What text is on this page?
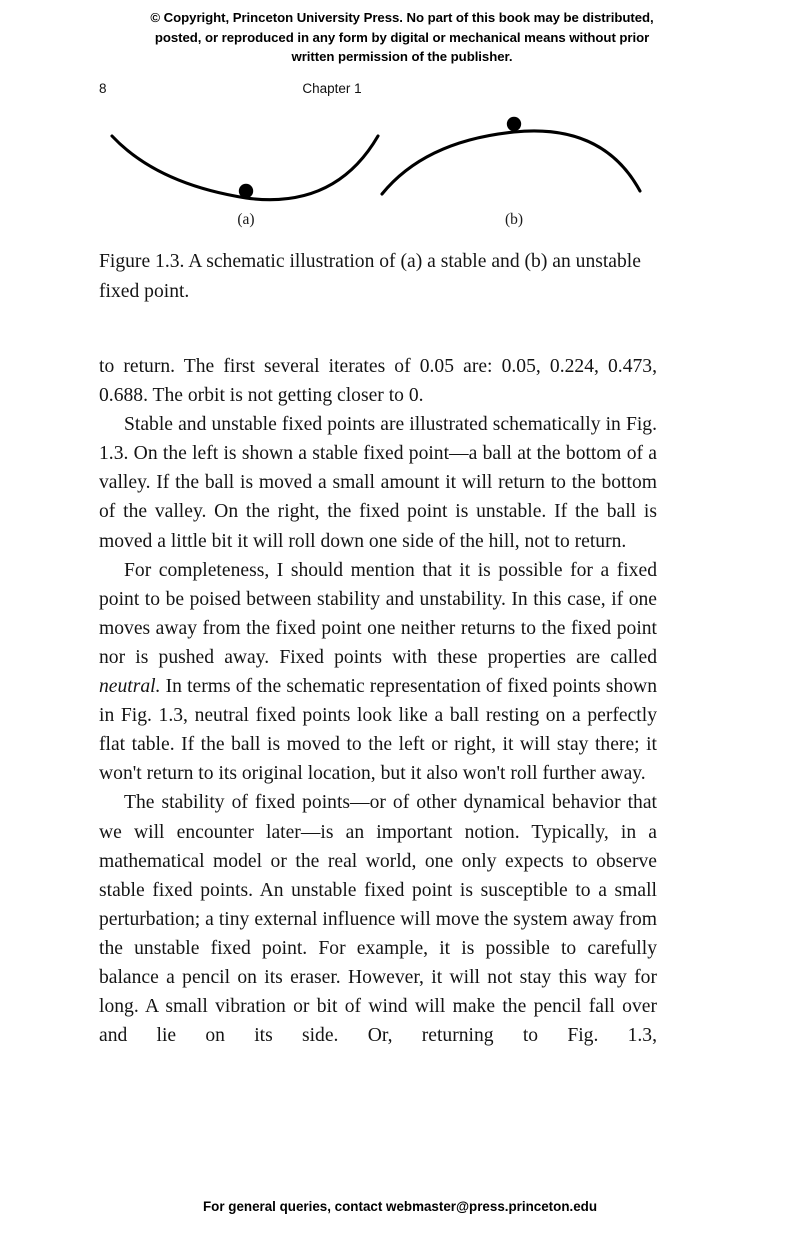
© Copyright, Princeton University Press. No part of this book may be distributed, posted, or reproduced in any form by digital or mechanical means without prior written permission of the publisher.
8	Chapter 1
(a)	(b)
Figure 1.3. A schematic illustration of (a) a stable and (b) an unstable fixed point.

to return. The first several iterates of 0.05 are: 0.05, 0.224, 0.473, 0.688. The orbit is not getting closer to 0.

Stable and unstable fixed points are illustrated schematically in Fig. 1.3. On the left is shown a stable fixed point—a ball at the bottom of a valley. If the ball is moved a small amount it will return to the bottom of the valley. On the right, the fixed point is unstable. If the ball is moved a little bit it will roll down one side of the hill, not to return.

For completeness, I should mention that it is possible for a fixed point to be poised between stability and unstability. In this case, if one moves away from the fixed point one neither returns to the fixed point nor is pushed away. Fixed points with these properties are called neutral. In terms of the schematic representation of fixed points shown in Fig. 1.3, neutral fixed points look like a ball resting on a perfectly flat table. If the ball is moved to the left or right, it will stay there; it won't return to its original location, but it also won't roll further away.

The stability of fixed points—or of other dynamical behavior that we will encounter later—is an important notion. Typically, in a mathematical model or the real world, one only expects to observe stable fixed points. An unstable fixed point is susceptible to a small perturbation; a tiny external influence will move the system away from the unstable fixed point. For example, it is possible to carefully balance a pencil on its eraser. However, it will not stay this way for long. A small vibration or bit of wind will make the pencil fall over and lie on its side. Or, returning to Fig. 1.3,

For general queries, contact webmaster@press.princeton.edu
